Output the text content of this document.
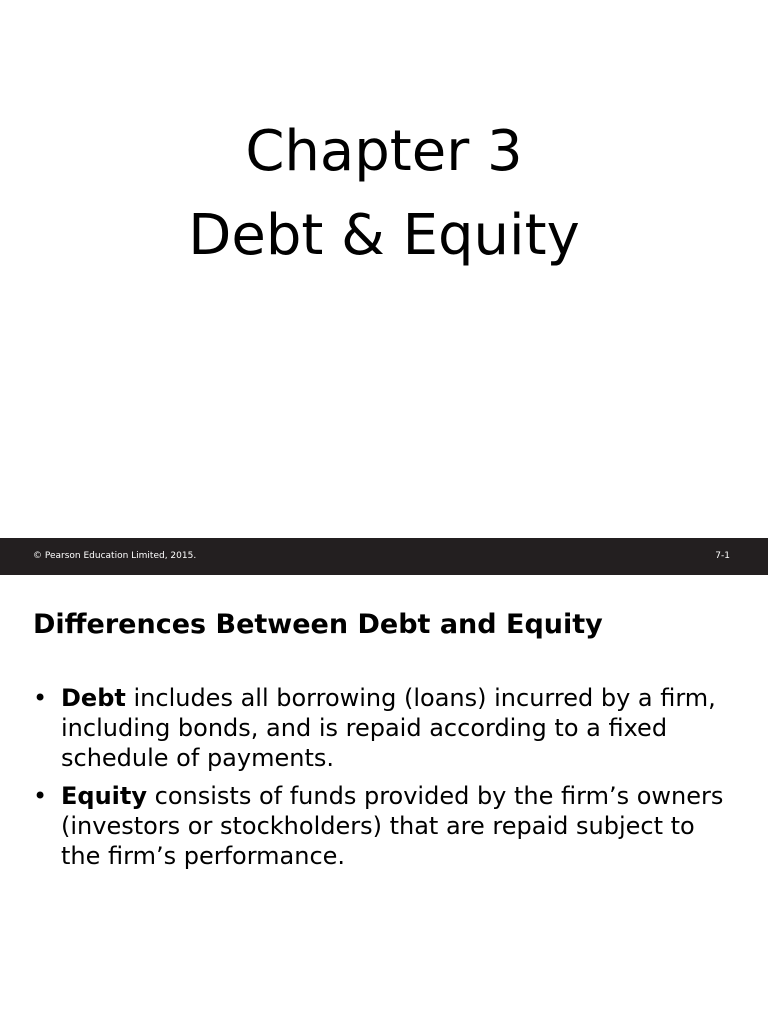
Chapter 3
Debt & Equity
© Pearson Education Limited, 2015.	7-1
Differences Between Debt and Equity
• Debt includes all borrowing (loans) incurred by a firm, including bonds, and is repaid according to a fixed schedule of payments.
• Equity consists of funds provided by the firm’s owners (investors or stockholders) that are repaid subject to the firm’s performance.
